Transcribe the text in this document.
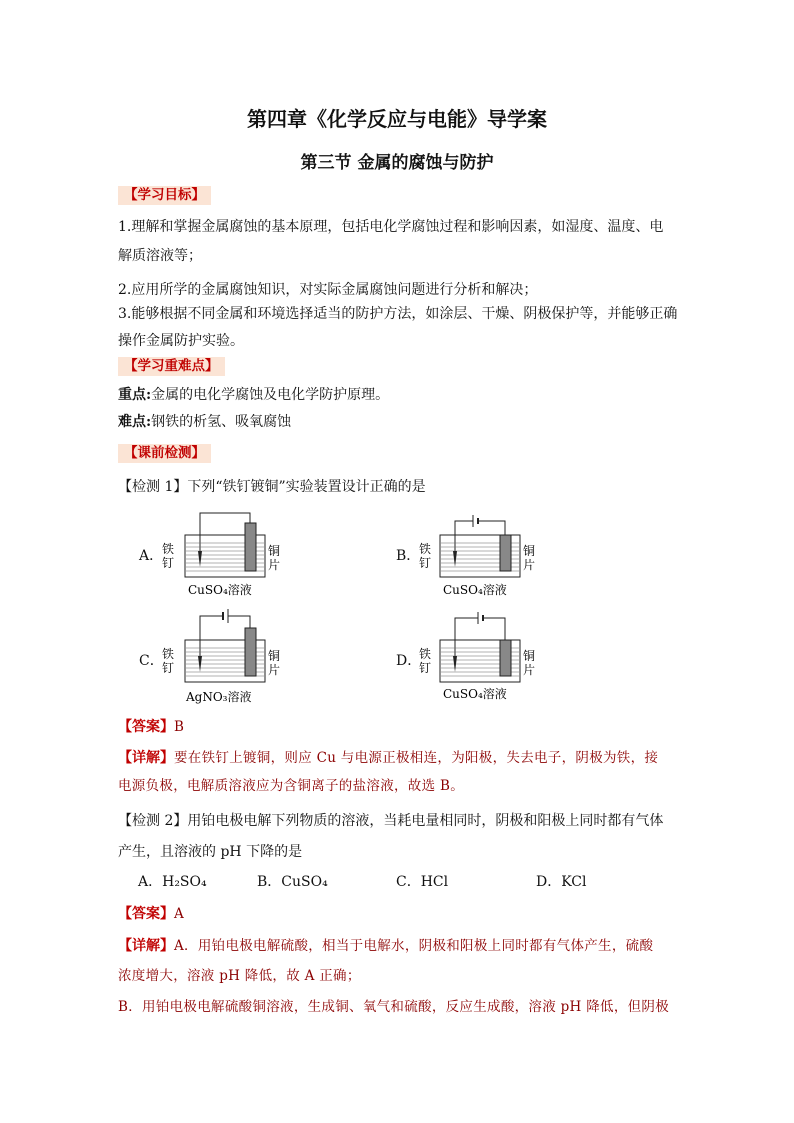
第四章《化学反应与电能》导学案
第三节 金属的腐蚀与防护
【学习目标】
1.理解和掌握金属腐蚀的基本原理，包括电化学腐蚀过程和影响因素，如湿度、温度、电
解质溶液等；
2.应用所学的金属腐蚀知识，对实际金属腐蚀问题进行分析和解决；
3.能够根据不同金属和环境选择适当的防护方法，如涂层、干燥、阴极保护等，并能够正确
操作金属防护实验。
【学习重难点】
重点:金属的电化学腐蚀及电化学防护原理。
难点:钢铁的析氢、吸氧腐蚀
【课前检测】
【检测 1】下列“铁钉镀铜”实验装置设计正确的是
A．
铁
钉
铜
片
CuSO₄溶液
B．
铁
钉
铜
片
CuSO₄溶液
C．
铁
钉
铜
片
AgNO₃溶液
D．
铁
钉
铜
片
CuSO₄溶液
【答案】B
【详解】要在铁钉上镀铜，则应 Cu 与电源正极相连，为阳极，失去电子，阴极为铁，接
电源负极，电解质溶液应为含铜离子的盐溶液，故选 B。
【检测 2】用铂电极电解下列物质的溶液，当耗电量相同时，阴极和阳极上同时都有气体
产生，且溶液的 pH 下降的是
A．H₂SO₄	B．CuSO₄	C．HCl	D．KCl
【答案】A
【详解】A．用铂电极电解硫酸，相当于电解水，阴极和阳极上同时都有气体产生，硫酸
浓度增大，溶液 pH 降低，故 A 正确；
B．用铂电极电解硫酸铜溶液，生成铜、氧气和硫酸，反应生成酸，溶液 pH 降低，但阴极
